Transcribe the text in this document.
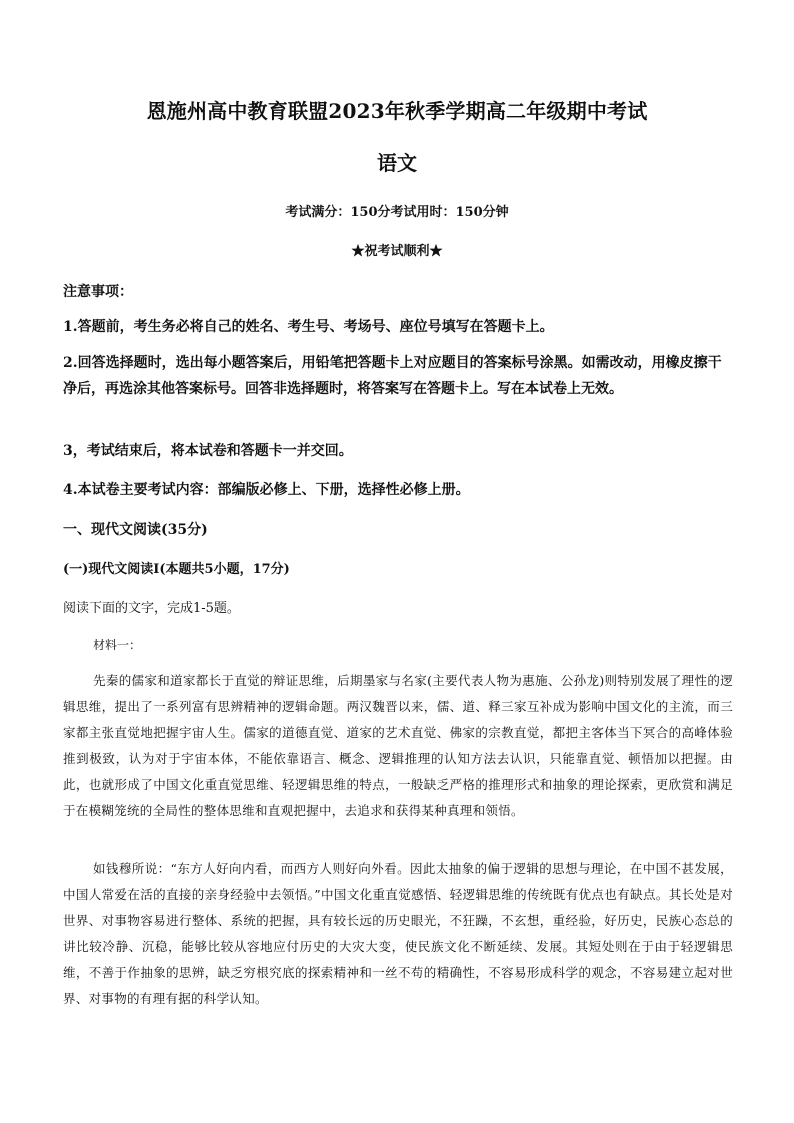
恩施州高中教育联盟2023年秋季学期高二年级期中考试
语文
考试满分：150分考试用时：150分钟
★祝考试顺利★
注意事项：
1.答题前，考生务必将自己的姓名、考生号、考场号、座位号填写在答题卡上。
2.回答选择题时，选出每小题答案后，用铅笔把答题卡上对应题目的答案标号涂黑。如需改动，用橡皮擦干净后，再选涂其他答案标号。回答非选择题时，将答案写在答题卡上。写在本试卷上无效。
3，考试结束后，将本试卷和答题卡一并交回。
4.本试卷主要考试内容：部编版必修上、下册，选择性必修上册。
一、现代文阅读(35分)
(一)现代文阅读I(本题共5小题，17分)
阅读下面的文字，完成1-5题。
材料一：
先秦的儒家和道家都长于直觉的辩证思维，后期墨家与名家(主要代表人物为惠施、公孙龙)则特别发展了理性的逻辑思维，提出了一系列富有思辨精神的逻辑命题。两汉魏晋以来，儒、道、释三家互补成为影响中国文化的主流，而三家都主张直觉地把握宇宙人生。儒家的道德直觉、道家的艺术直觉、佛家的宗教直觉，都把主客体当下冥合的高峰体验推到极致，认为对于宇宙本体，不能依靠语言、概念、逻辑推理的认知方法去认识，只能靠直觉、顿悟加以把握。由此，也就形成了中国文化重直觉思维、轻逻辑思维的特点，一般缺乏严格的推理形式和抽象的理论探索，更欣赏和满足于在模糊笼统的全局性的整体思维和直观把握中，去追求和获得某种真理和领悟。
如钱穆所说：“东方人好向内看，而西方人则好向外看。因此太抽象的偏于逻辑的思想与理论，在中国不甚发展，中国人常爱在活的直接的亲身经验中去领悟。”中国文化重直觉感悟、轻逻辑思维的传统既有优点也有缺点。其长处是对世界、对事物容易进行整体、系统的把握，具有较长远的历史眼光，不狂躁，不玄想，重经验，好历史，民族心态总的讲比较冷静、沉稳，能够比较从容地应付历史的大灾大变，使民族文化不断延续、发展。其短处则在于由于轻逻辑思维，不善于作抽象的思辨，缺乏穷根究底的探索精神和一丝不苟的精确性，不容易形成科学的观念，不容易建立起对世界、对事物的有理有据的科学认知。
